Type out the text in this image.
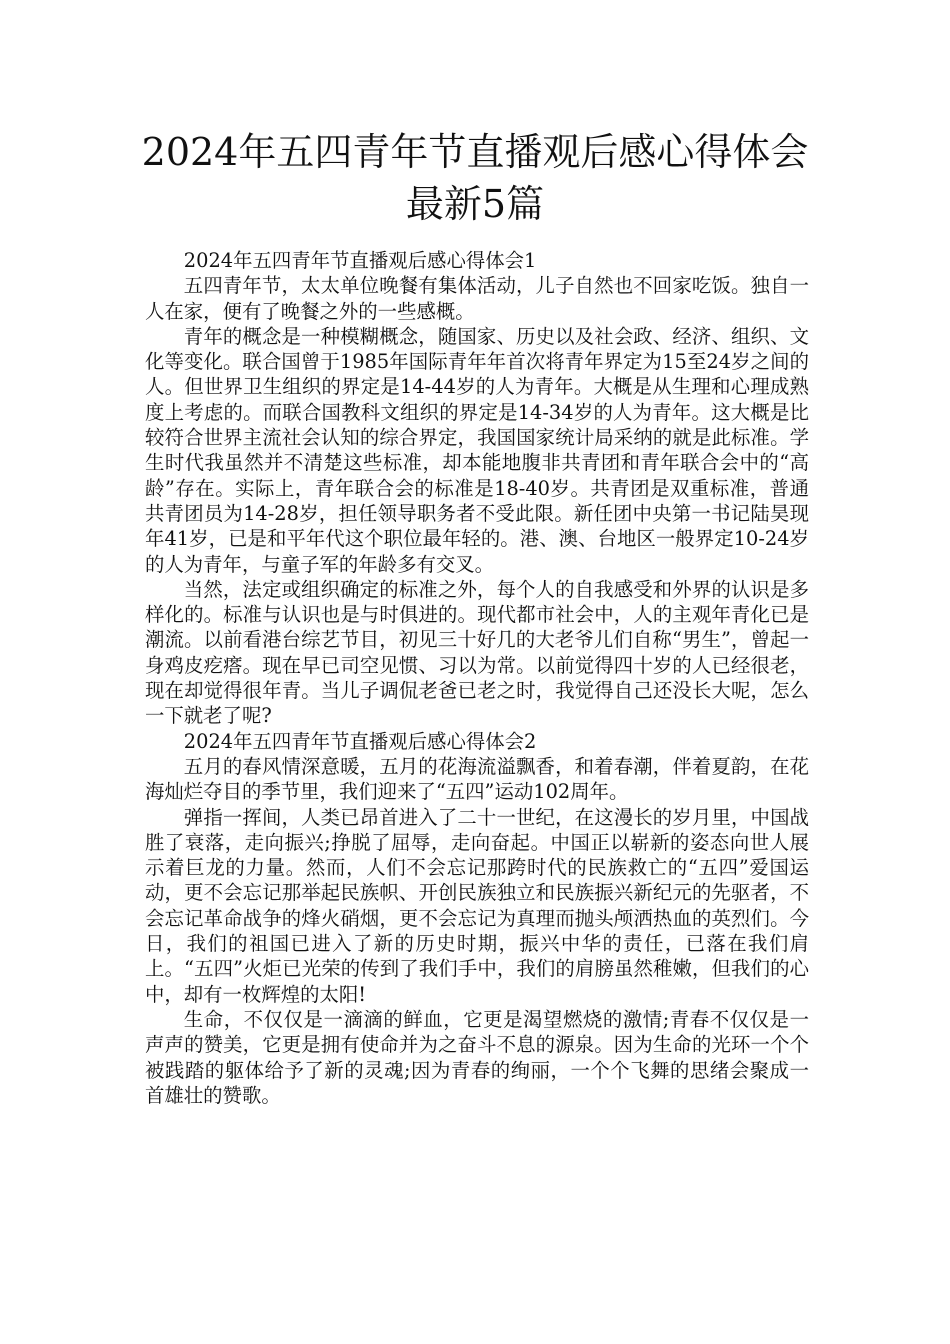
2024年五四青年节直播观后感心得体会最新5篇

2024年五四青年节直播观后感心得体会1

五四青年节，太太单位晚餐有集体活动，儿子自然也不回家吃饭。独自一人在家，便有了晚餐之外的一些感概。

青年的概念是一种模糊概念，随国家、历史以及社会政、经济、组织、文化等变化。联合国曾于1985年国际青年年首次将青年界定为15至24岁之间的人。但世界卫生组织的界定是14-44岁的人为青年。大概是从生理和心理成熟度上考虑的。而联合国教科文组织的界定是14-34岁的人为青年。这大概是比较符合世界主流社会认知的综合界定，我国国家统计局采纳的就是此标准。学生时代我虽然并不清楚这些标准，却本能地腹非共青团和青年联合会中的“高龄”存在。实际上，青年联合会的标准是18-40岁。共青团是双重标准，普通共青团员为14-28岁，担任领导职务者不受此限。新任团中央第一书记陆昊现年41岁，已是和平年代这个职位最年轻的。港、澳、台地区一般界定10-24岁的人为青年，与童子军的年龄多有交叉。

当然，法定或组织确定的标准之外，每个人的自我感受和外界的认识是多样化的。标准与认识也是与时俱进的。现代都市社会中，人的主观年青化已是潮流。以前看港台综艺节目，初见三十好几的大老爷儿们自称“男生”，曾起一身鸡皮疙瘩。现在早已司空见惯、习以为常。以前觉得四十岁的人已经很老，现在却觉得很年青。当儿子调侃老爸已老之时，我觉得自己还没长大呢，怎么一下就老了呢?

2024年五四青年节直播观后感心得体会2

五月的春风情深意暖，五月的花海流溢飘香，和着春潮，伴着夏韵，在花海灿烂夺目的季节里，我们迎来了“五四”运动102周年。

弹指一挥间，人类已昂首进入了二十一世纪，在这漫长的岁月里，中国战胜了衰落，走向振兴;挣脱了屈辱，走向奋起。中国正以崭新的姿态向世人展示着巨龙的力量。然而，人们不会忘记那跨时代的民族救亡的“五四”爱国运动，更不会忘记那举起民族帜、开创民族独立和民族振兴新纪元的先驱者，不会忘记革命战争的烽火硝烟，更不会忘记为真理而抛头颅洒热血的英烈们。今日，我们的祖国已进入了新的历史时期，振兴中华的责任，已落在我们肩上。“五四”火炬已光荣的传到了我们手中，我们的肩膀虽然稚嫩，但我们的心中，却有一枚辉煌的太阳!

生命，不仅仅是一滴滴的鲜血，它更是渴望燃烧的激情;青春不仅仅是一声声的赞美，它更是拥有使命并为之奋斗不息的源泉。因为生命的光环一个个被践踏的躯体给予了新的灵魂;因为青春的绚丽，一个个飞舞的思绪会聚成一首雄壮的赞歌。
